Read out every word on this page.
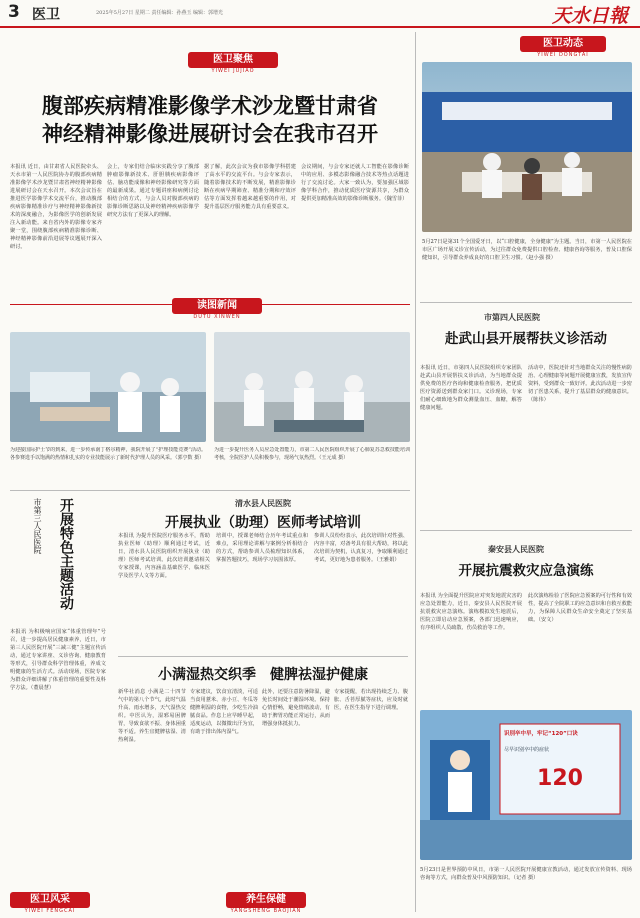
3 医卫	2025年5月27日 星期二 责任编辑：孙燕玉 编辑：郭增光	天水日報
医卫聚焦
YIWEI JUJIAO
腹部疾病精准影像学术沙龙暨甘肃省
神经精神影像进展研讨会在我市召开
本报讯 近日，由甘肃省人民医院牵头、天水市第一人民医院协办的腹部疾病精准影像学术沙龙暨甘肃省神经精神影像进展研讨会在天水召开。本次会议旨在推进医学影像学术交流平台，推动腹部疾病影像精准诊疗与神经精神影像新技术的深度融合，为影像医学的创新发展注入新动能。来自省内外的影像专家齐聚一堂，围绕腹部疾病精准影像诊断、神经精神影像前沿进展等议题展开深入研讨。
会上，专家们结合临床实践分享了腹部肿瘤影像新技术、肝胆胰疾病影像评估、脑功能成像和神经影像研究等方面的最新成果。通过专题讲座和病例讨论相结合的方式，与会人员对腹部疾病的影像诊断思路以及神经精神疾病影像学研究方法有了更深入的理解。
据了解，此次会议为我市影像学科搭建了高水平的交流平台。与会专家表示，随着影像技术的不断发展，精准影像诊断在疾病早期筛查、精准分期和疗效评估等方面发挥着越来越重要的作用，对提升基层医疗服务能力具有重要意义。
会议期间，与会专家还就人工智能在影像诊断中的应用、多模态影像融合技术等热点话题进行了交流讨论。大家一致认为，要加强区域影像学科合作，推动优质医疗资源共享，为群众提供更加精准高效的影像诊断服务。（魏雪菲）
医卫动态
YIWEI DONGTAI
5月27日是第31个全国爱牙日，以“口腔健康，全身健康”为主题。当日，市第一人民医院在市区广场开展义诊宣传活动，为过往群众免费提供口腔检查、健康咨询等服务，普及口腔保健知识，引导群众养成良好的口腔卫生习惯。（赵小强 摄）
读图新闻
DUTU XINWEN
为迎接国际护士节的到来，进一步传承南丁格尔精神，我院开展了“护理技能竞赛”活动。各参赛选手以饱满的热情和扎实的专业技能展示了新时代护理人员的风采。（郭亨数 摄）
为进一步提升医务人员应急处置能力，市第二人民医院组织开展了心肺复苏急救技能培训考核，全院医护人员积极参与，现场气氛热烈。（王元成 摄）
开展特色主题活动
市第三人民医院
本报讯 为积极响应国家“体重管理年”号召，进一步提高居民健康素养，近日，市第三人民医院开展“三减三健”主题宣传活动，通过专家讲座、义诊咨询、健康教育等形式，引导群众科学管理体重，养成文明健康的生活方式。活动现场，医院专家为群众详细讲解了体重管理的重要性及科学方法。（董晨慧）
清水县人民医院
开展执业（助理）医师考试培训
本报讯 为提升医院医疗服务水平，帮助执业医师（助理）顺利通过考试，近日，清水县人民医院组织开展执业（助理）医师考试培训。此次培训邀请相关专家授课，内容涵盖基础医学、临床医学及医学人文等方面。
培训中，授课老师结合历年考试重点和难点，采用理论讲解与案例分析相结合的方式，帮助参训人员梳理知识体系，掌握答题技巧，现场学习氛围浓厚。
参训人员纷纷表示，此次培训针对性强、内容丰富，对备考具有很大帮助，将以此次培训为契机，认真复习，争取顺利通过考试，更好地为患者服务。（王雅娟）
小满湿热交织季　健脾祛湿护健康
新华社消息 小满是二十四节气中的第八个节气，此时气温升高、雨水增多，天气湿热交织。中医认为，湿邪易困脾胃，导致食欲不振、身体困重等不适。养生宜健脾祛湿、清热利湿。
专家建议，饮食宜清淡，可适当食用薏米、赤小豆、冬瓜等健脾利湿的食物，少吃生冷油腻食品。作息上应早睡早起，适度运动，以微微出汗为宜，有助于排出体内湿气。
此外，还要注意防暑降温，避免长时间处于潮湿环境。保持心情舒畅，避免情绪波动，有助于脾胃功能正常运行，从而增强身体抵抗力。
专家提醒，若出现持续乏力、腹胀、舌苔厚腻等症状，应及时就医，在医生指导下进行调理。
医卫风采
YIWEI FENGCAI
养生保健
YANGSHENG BAOJIAN
市第四人民医院
赴武山县开展帮扶义诊活动
本报讯 近日，市第四人民医院组织专家团队赴武山县开展帮扶义诊活动，为当地群众提供免费的医疗咨询和健康检查服务，把优质医疗资源送到群众家门口。义诊现场，专家们耐心细致地为群众测量血压、血糖，解答健康问题。
活动中，医院还针对当地群众关注的慢性病防治、心理健康等问题开展健康宣教，发放宣传资料，受到群众一致好评。此次活动进一步密切了医患关系，提升了基层群众的健康意识。（陈伟）
秦安县人民医院
开展抗震救灾应急演练
本报讯 为全面提升医院应对突发地震灾害的应急处置能力，近日，秦安县人民医院开展抗震救灾应急演练。演练模拟发生地震后，医院立即启动应急预案，各部门迅速响应，有序组织人员疏散、伤员救治等工作。
此次演练检验了医院应急预案的可行性和有效性，提高了全院职工的应急意识和自救互救能力，为保障人民群众生命安全奠定了坚实基础。（安文）
识别卒中早，牢记“120”口诀
尽早识别卒中的症状
120
5月23日是世界预防中风日，市第一人民医院开展健康宣教活动，通过发放宣传资料、现场咨询等方式，向群众普及中风预防知识。（记者 摄）
